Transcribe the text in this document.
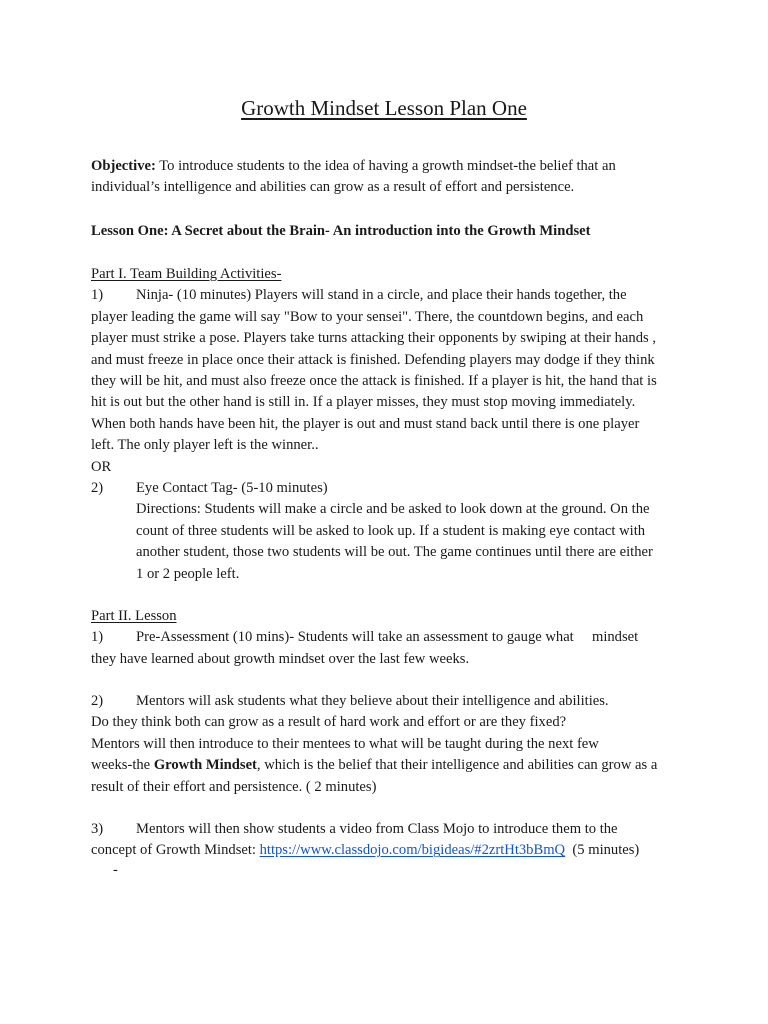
Growth Mindset Lesson Plan One
Objective: To introduce students to the idea of having a growth mindset-the belief that an
individual’s intelligence and abilities can grow as a result of effort and persistence.
Lesson One: A Secret about the Brain- An introduction into the Growth Mindset
Part I. Team Building Activities-
1) Ninja- (10 minutes) Players will stand in a circle, and place their hands together, the
player leading the game will say "Bow to your sensei". There, the countdown begins, and each
player must strike a pose. Players take turns attacking their opponents by swiping at their hands ,
and must freeze in place once their attack is finished. Defending players may dodge if they think
they will be hit, and must also freeze once the attack is finished. If a player is hit, the hand that is
hit is out but the other hand is still in. If a player misses, they must stop moving immediately.
When both hands have been hit, the player is out and must stand back until there is one player
left. The only player left is the winner..
OR
2) Eye Contact Tag- (5-10 minutes)
Directions: Students will make a circle and be asked to look down at the ground. On the
count of three students will be asked to look up. If a student is making eye contact with
another student, those two students will be out. The game continues until there are either
1 or 2 people left.
Part II. Lesson
1) Pre-Assessment (10 mins)- Students will take an assessment to gauge what     mindset
they have learned about growth mindset over the last few weeks.
2) Mentors will ask students what they believe about their intelligence and abilities.
Do they think both can grow as a result of hard work and effort or are they fixed?
Mentors will then introduce to their mentees to what will be taught during the next few
weeks-the Growth Mindset, which is the belief that their intelligence and abilities can grow as a
result of their effort and persistence. ( 2 minutes)
3) Mentors will then show students a video from Class Mojo to introduce them to the
concept of Growth Mindset: https://www.classdojo.com/bigideas/#2zrtHt3bBmQ  (5 minutes)
-
